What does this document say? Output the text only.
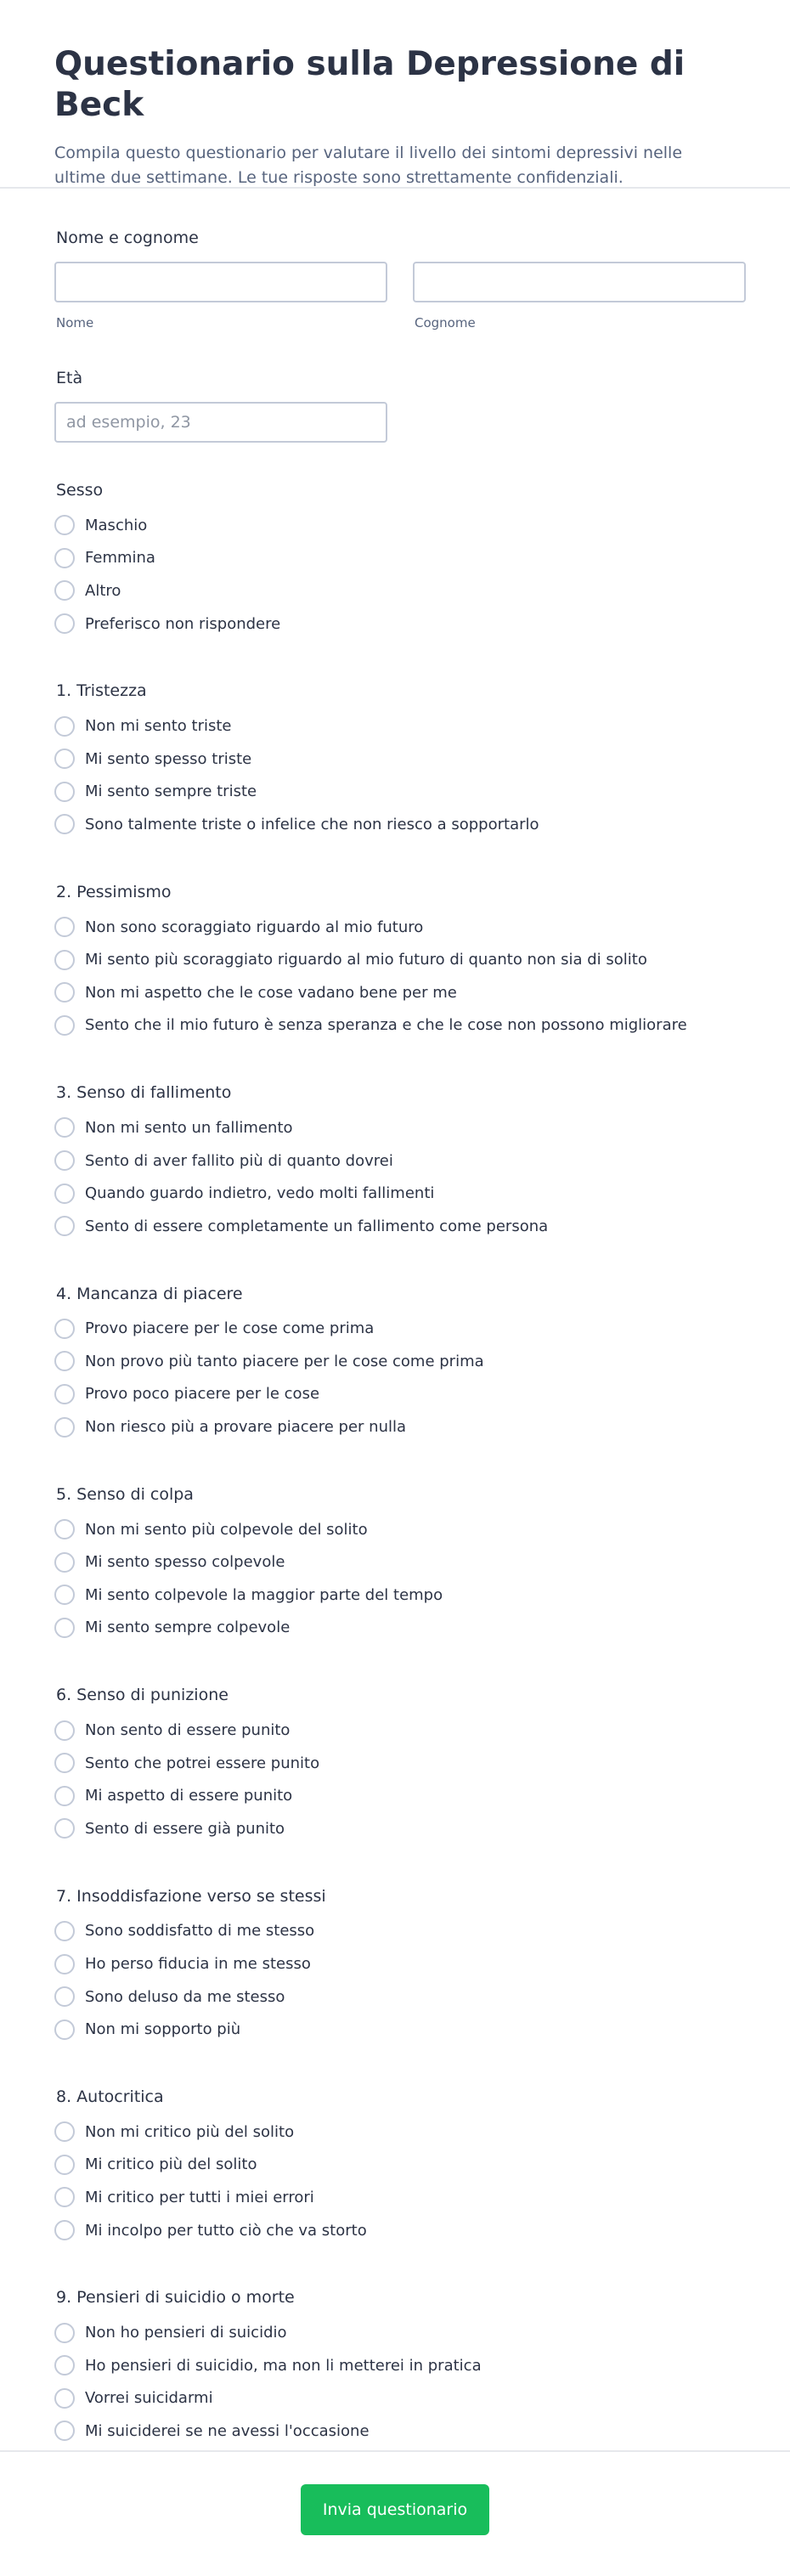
Questionario sulla Depressione di Beck

Compila questo questionario per valutare il livello dei sintomi depressivi nelle ultime due settimane. Le tue risposte sono strettamente confidenziali.

Nome e cognome
Nome	Cognome
Età
ad esempio, 23
Sesso
Maschio
Femmina
Altro
Preferisco non rispondere
1. Tristezza
Non mi sento triste
Mi sento spesso triste
Mi sento sempre triste
Sono talmente triste o infelice che non riesco a sopportarlo
2. Pessimismo
Non sono scoraggiato riguardo al mio futuro
Mi sento più scoraggiato riguardo al mio futuro di quanto non sia di solito
Non mi aspetto che le cose vadano bene per me
Sento che il mio futuro è senza speranza e che le cose non possono migliorare
3. Senso di fallimento
Non mi sento un fallimento
Sento di aver fallito più di quanto dovrei
Quando guardo indietro, vedo molti fallimenti
Sento di essere completamente un fallimento come persona
4. Mancanza di piacere
Provo piacere per le cose come prima
Non provo più tanto piacere per le cose come prima
Provo poco piacere per le cose
Non riesco più a provare piacere per nulla
5. Senso di colpa
Non mi sento più colpevole del solito
Mi sento spesso colpevole
Mi sento colpevole la maggior parte del tempo
Mi sento sempre colpevole
6. Senso di punizione
Non sento di essere punito
Sento che potrei essere punito
Mi aspetto di essere punito
Sento di essere già punito
7. Insoddisfazione verso se stessi
Sono soddisfatto di me stesso
Ho perso fiducia in me stesso
Sono deluso da me stesso
Non mi sopporto più
8. Autocritica
Non mi critico più del solito
Mi critico più del solito
Mi critico per tutti i miei errori
Mi incolpo per tutto ciò che va storto
9. Pensieri di suicidio o morte
Non ho pensieri di suicidio
Ho pensieri di suicidio, ma non li metterei in pratica
Vorrei suicidarmi
Mi suiciderei se ne avessi l'occasione
Invia questionario
